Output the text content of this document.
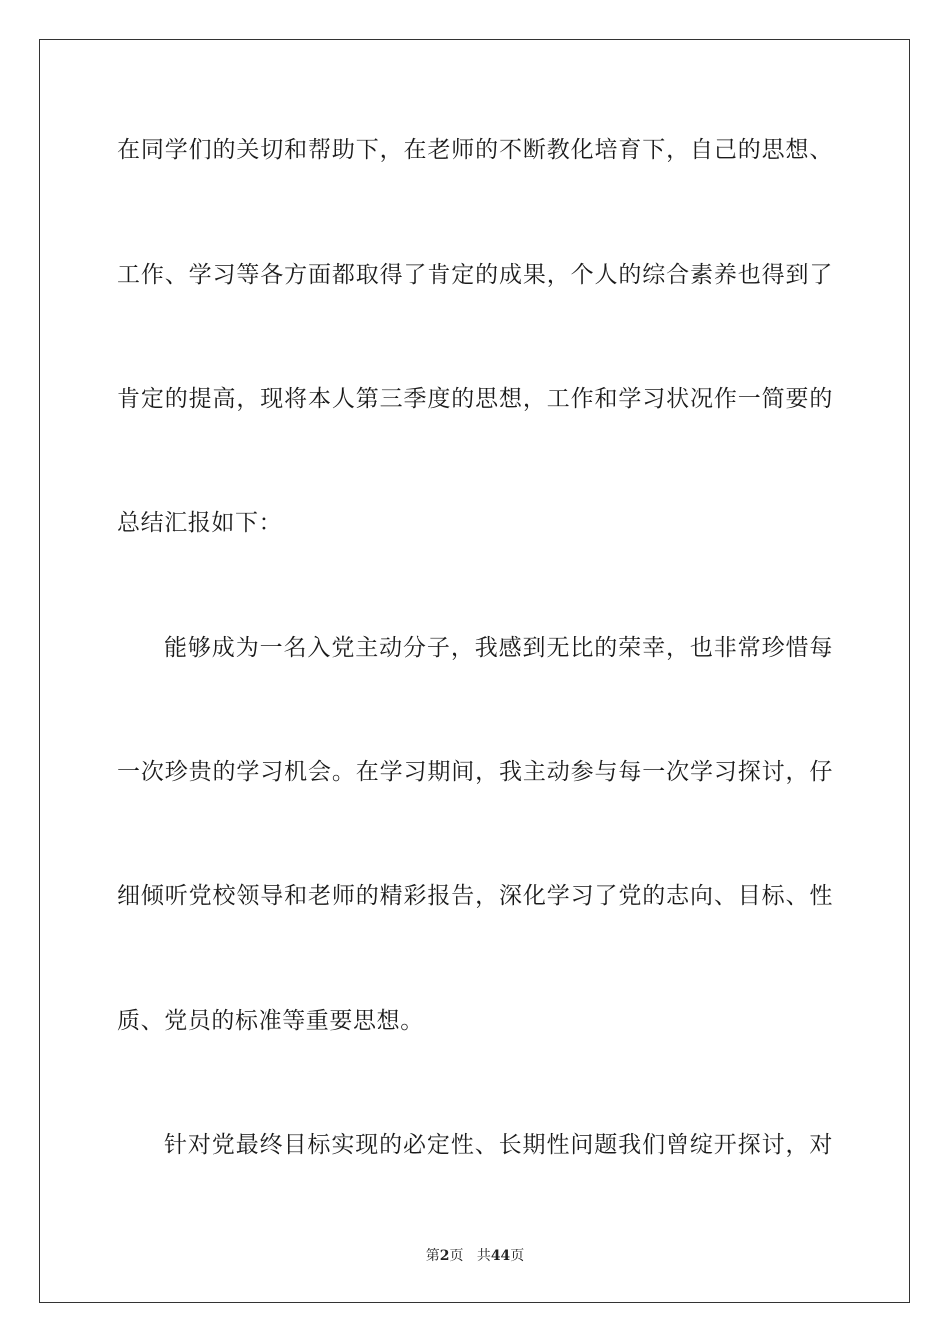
在同学们的关切和帮助下，在老师的不断教化培育下，自己的思想、
工作、学习等各方面都取得了肯定的成果，个人的综合素养也得到了
肯定的提高，现将本人第三季度的思想，工作和学习状况作一简要的
总结汇报如下：
能够成为一名入党主动分子，我感到无比的荣幸，也非常珍惜每
一次珍贵的学习机会。在学习期间，我主动参与每一次学习探讨，仔
细倾听党校领导和老师的精彩报告，深化学习了党的志向、目标、性
质、党员的标准等重要思想。
针对党最终目标实现的必定性、长期性问题我们曾绽开探讨，对
第2页 共44页
